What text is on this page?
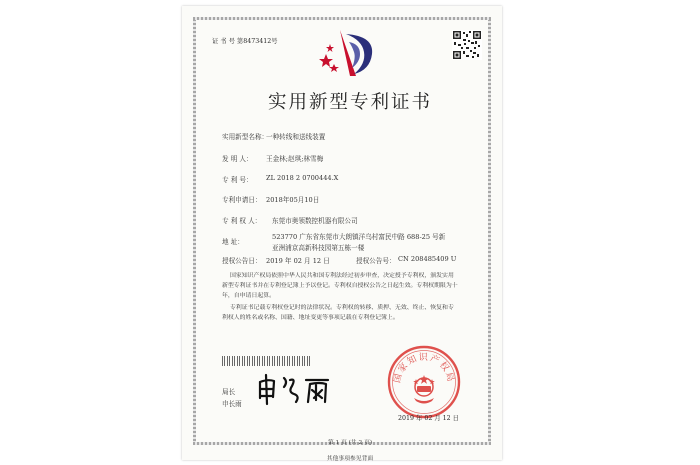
证 书 号 第8473412号
实用新型专利证书
实用新型名称：
一种转线和送线装置
发 明 人： 王金林;赵琪;林雪梅
专 利 号： ZL 2018 2 0700444.X
专利申请日： 2018年05月10日
专 利 权 人： 东莞市奥领数控机器有限公司
地 址：
523770 广东省东莞市大朗镇洋乌村富民中路 688-25 号新
亚洲浦京高新科技园第五栋一楼
授权公告日： 2019 年 02 月 12 日	授权公告号： CN 208485409 U
国家知识产权局依照中华人民共和国专利法经过初步审查，决定授予专利权，颁发实用
新型专利证书并在专利登记簿上予以登记。专利权自授权公告之日起生效。专利权期限为十
年，自申请日起算。
专利证书记载专利权登记时的法律状况。专利权的转移、质押、无效、终止、恢复和专
利权人的姓名或名称、国籍、地址变更等事项记载在专利登记簿上。
局长
申长雨
国家知识产权局
2019 年 02 月 12 日
第 1 页 (共 2 页)
其他事项参见背面
